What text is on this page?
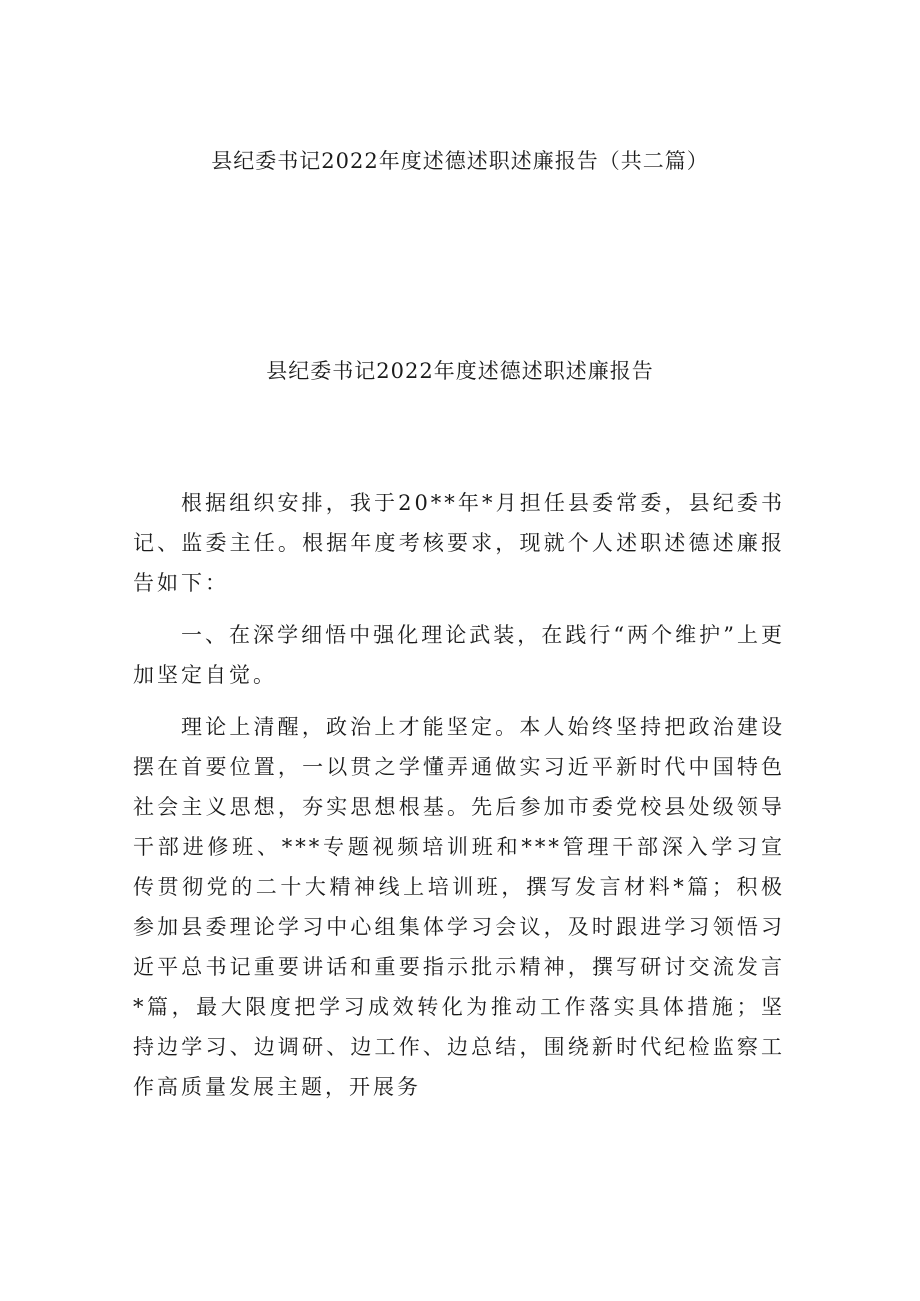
县纪委书记2022年度述德述职述廉报告（共二篇）
县纪委书记2022年度述德述职述廉报告

根据组织安排，我于20**年*月担任县委常委，县纪委书记、监委主任。根据年度考核要求，现就个人述职述德述廉报告如下：

一、在深学细悟中强化理论武装，在践行“两个维护”上更加坚定自觉。

理论上清醒，政治上才能坚定。本人始终坚持把政治建设摆在首要位置，一以贯之学懂弄通做实习近平新时代中国特色社会主义思想，夯实思想根基。先后参加市委党校县处级领导干部进修班、***专题视频培训班和***管理干部深入学习宣传贯彻党的二十大精神线上培训班，撰写发言材料*篇；积极参加县委理论学习中心组集体学习会议，及时跟进学习领悟习近平总书记重要讲话和重要指示批示精神，撰写研讨交流发言*篇，最大限度把学习成效转化为推动工作落实具体措施；坚持边学习、边调研、边工作、边总结，围绕新时代纪检监察工作高质量发展主题，开展务
